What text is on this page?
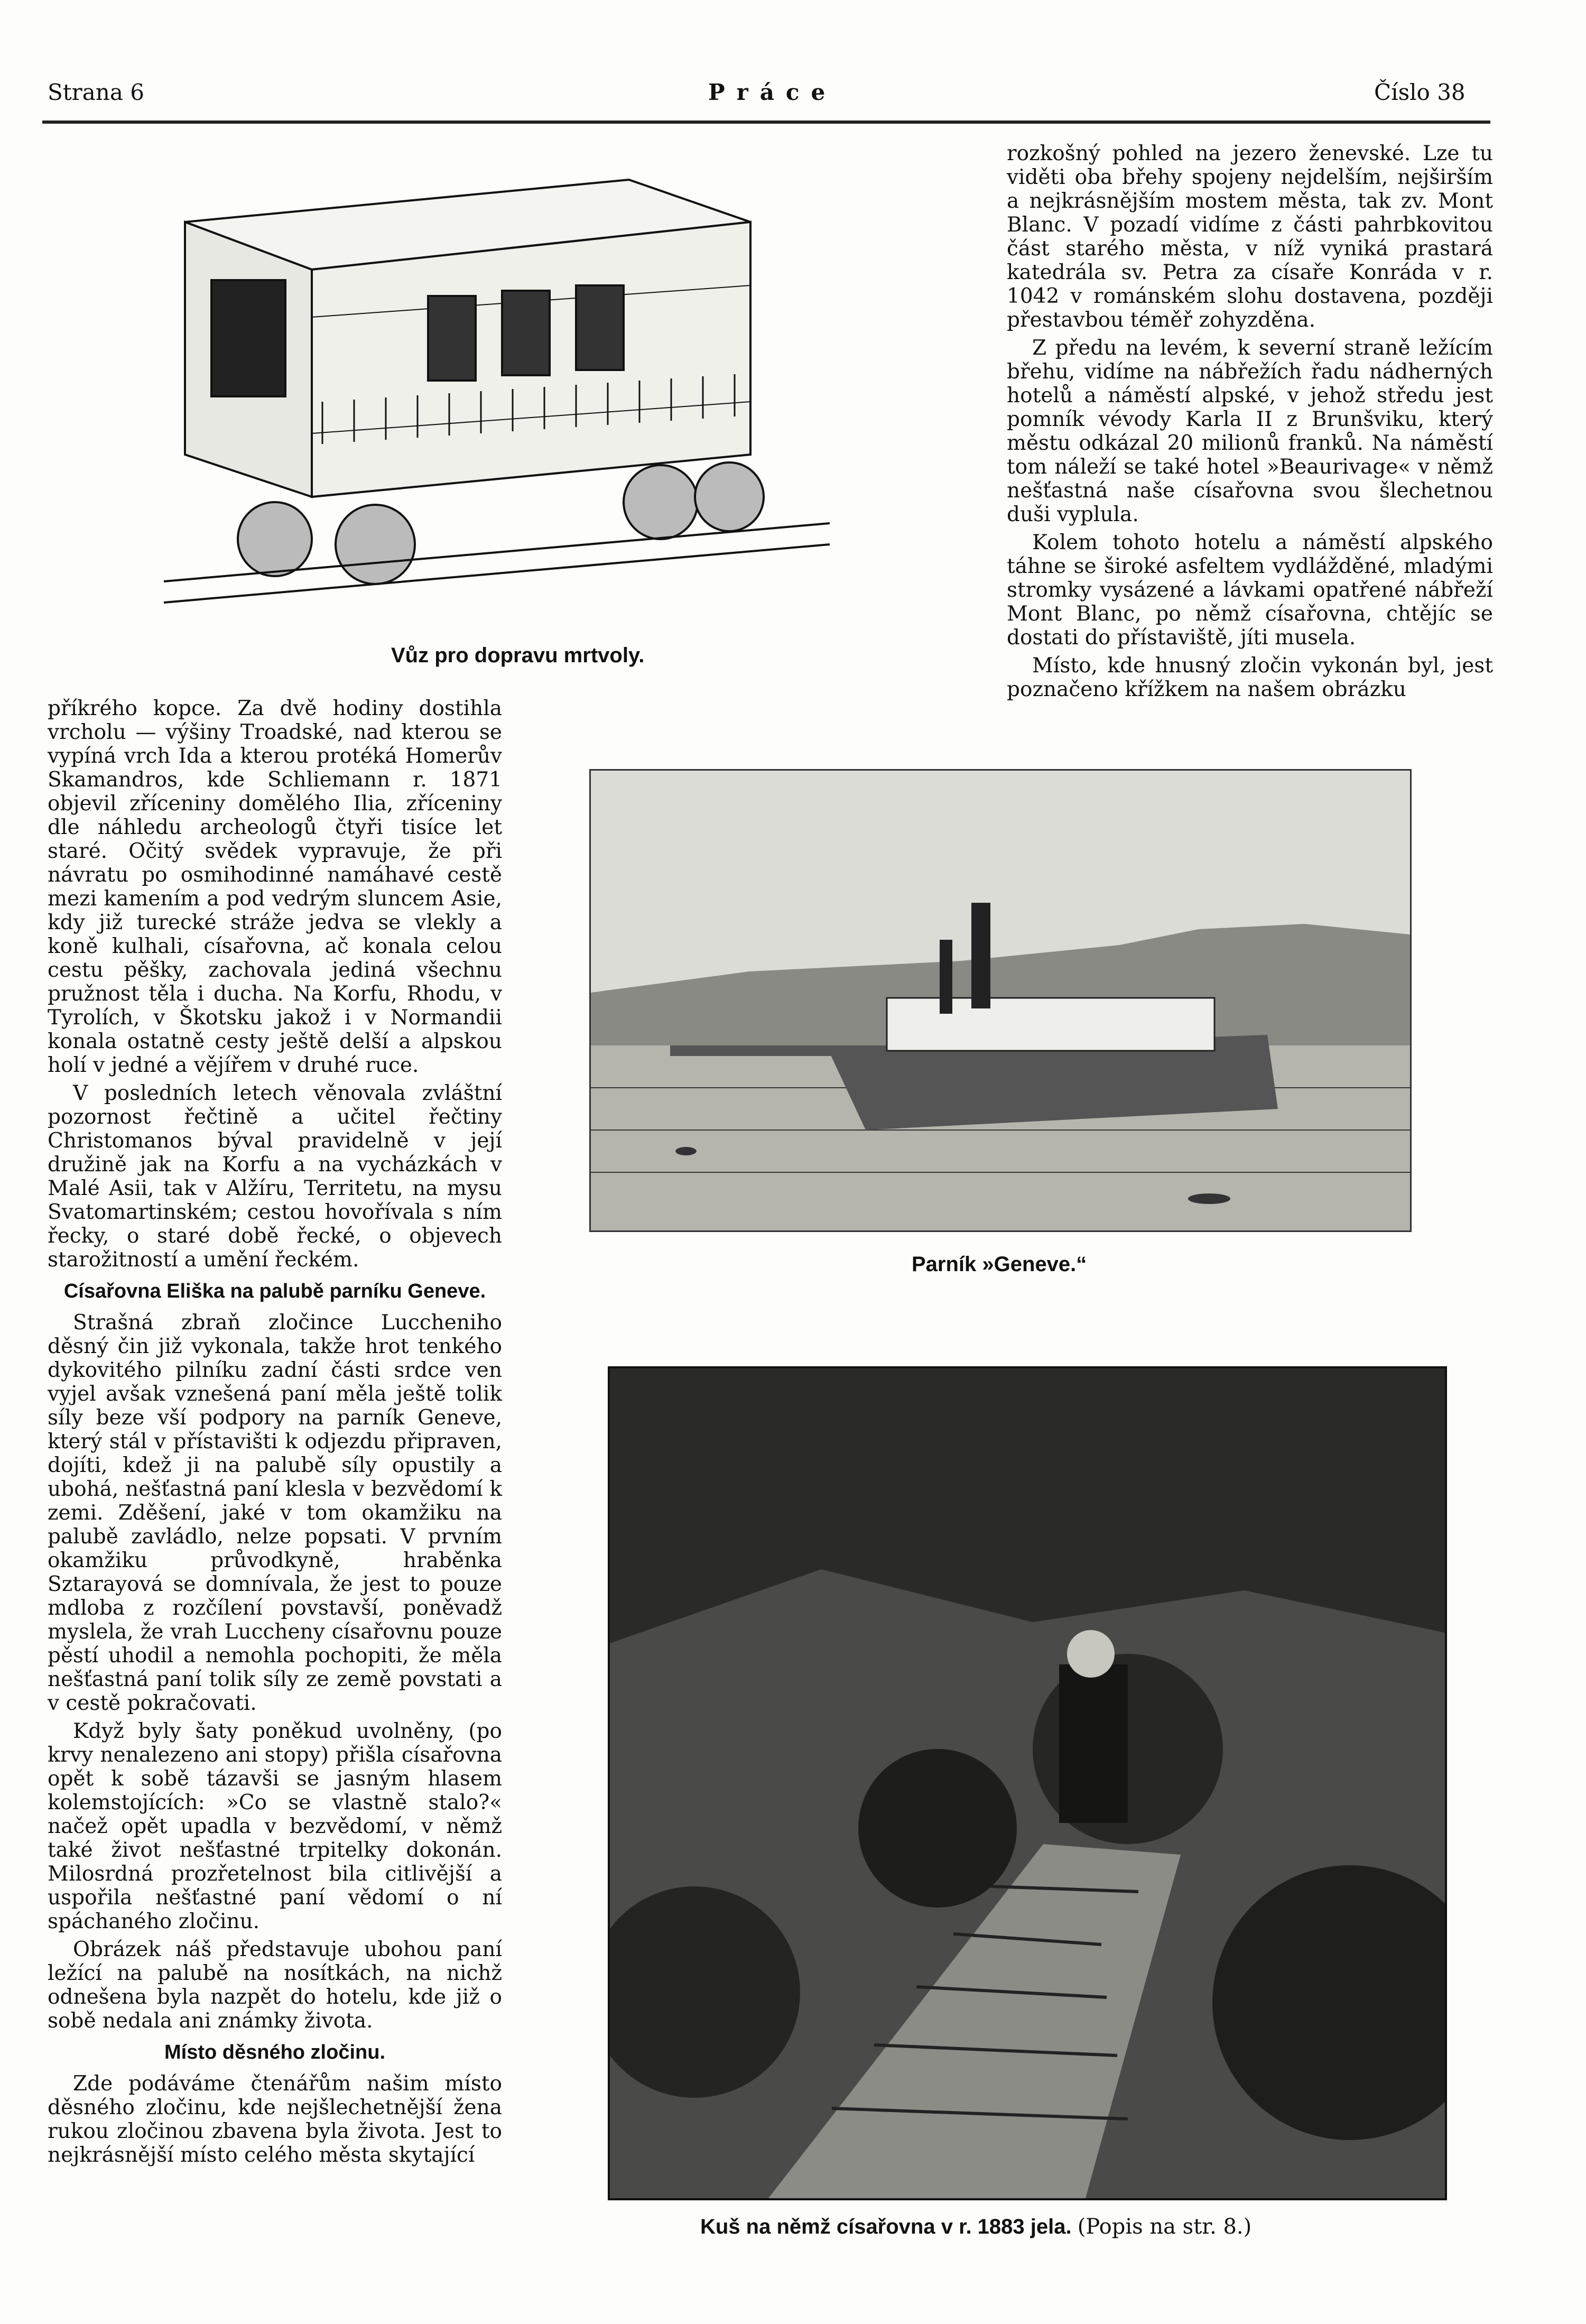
Strana 6	Práce	Číslo 38
Vůz pro dopravu mrtvoly.

rozkošný pohled na jezero ženevské. Lze tu viděti oba břehy spojeny nejdelším, nejširším a nejkrásnějším mostem města, tak zv. Mont Blanc. V pozadí vidíme z části pahrbkovitou část starého města, v níž vyniká prastará katedrála sv. Petra za císaře Konráda v r. 1042 v románském slohu dostavena, později přestavbou téměř zohyzděna.

Z předu na levém, k severní straně ležícím břehu, vidíme na nábřežích řadu nádherných hotelů a náměstí alpské, v jehož středu jest pomník vévody Karla II z Brunšviku, který městu odkázal 20 milionů franků. Na náměstí tom náleží se také hotel »Beaurivage« v němž nešťastná naše císařovna svou šlechetnou duši vyplula.

Kolem tohoto hotelu a náměstí alpského táhne se široké asfeltem vydlážděné, mladými stromky vysázené a lávkami opatřené nábřeží Mont Blanc, po němž císařovna, chtějíc se dostati do přístaviště, jíti musela.

Místo, kde hnusný zločin vykonán byl, jest poznačeno křížkem na našem obrázku

příkrého kopce. Za dvě hodiny dostihla vrcholu — výšiny Troadské, nad kterou se vypíná vrch Ida a kterou protéká Homerův Skamandros, kde Schliemann r. 1871 objevil zříceniny domělého Ilia, zříceniny dle náhledu archeologů čtyři tisíce let staré. Očitý svědek vypravuje, že při návratu po osmihodinné namáhavé cestě mezi kamením a pod vedrým sluncem Asie, kdy již turecké stráže jedva se vlekly a koně kulhali, císařovna, ač konala celou cestu pěšky, zachovala jediná všechnu pružnost těla i ducha. Na Korfu, Rhodu, v Tyrolích, v Škotsku jakož i v Normandii konala ostatně cesty ještě delší a alpskou holí v jedné a vějířem v druhé ruce.

V posledních letech věnovala zvláštní pozornost řečtině a učitel řečtiny Christomanos býval pravidelně v její družině jak na Korfu a na vycházkách v Malé Asii, tak v Alžíru, Territetu, na mysu Svatomartinském; cestou hovořívala s ním řecky, o staré době řecké, o objevech starožitností a umění řeckém.

Císařovna Eliška na palubě parníku Geneve.

Strašná zbraň zločince Luccheniho děsný čin již vykonala, takže hrot tenkého dykovitého pilníku zadní části srdce ven vyjel avšak vznešená paní měla ještě tolik síly beze vší podpory na parník Geneve, který stál v přístavišti k odjezdu připraven, dojíti, kdež ji na palubě síly opustily a ubohá, nešťastná paní klesla v bezvědomí k zemi. Zděšení, jaké v tom okamžiku na palubě zavládlo, nelze popsati. V prvním okamžiku průvodkyně, hraběnka Sztarayová se domnívala, že jest to pouze mdloba z rozčílení povstavší, poněvadž myslela, že vrah Luccheny císařovnu pouze pěstí uhodil a nemohla pochopiti, že měla nešťastná paní tolik síly ze země povstati a v cestě pokračovati.

Když byly šaty poněkud uvolněny, (po krvy nenalezeno ani stopy) přišla císařovna opět k sobě tázavši se jasným hlasem kolemstojících: »Co se vlastně stalo?« načež opět upadla v bezvědomí, v němž také život nešťastné trpitelky dokonán. Milosrdná prozřetelnost bila citlivější a uspořila nešťastné paní vědomí o ní spáchaného zločinu.

Obrázek náš představuje ubohou paní ležící na palubě na nosítkách, na nichž odnešena byla nazpět do hotelu, kde již o sobě nedala ani známky života.

Místo děsného zločinu.

Zde podáváme čtenářům našim místo děsného zločinu, kde nejšlechetnější žena rukou zločinou zbavena byla života. Jest to nejkrásnější místo celého města skytající

Parník »Geneve.“
Kuš na němž císařovna v r. 1883 jela. (Popis na str. 8.)
